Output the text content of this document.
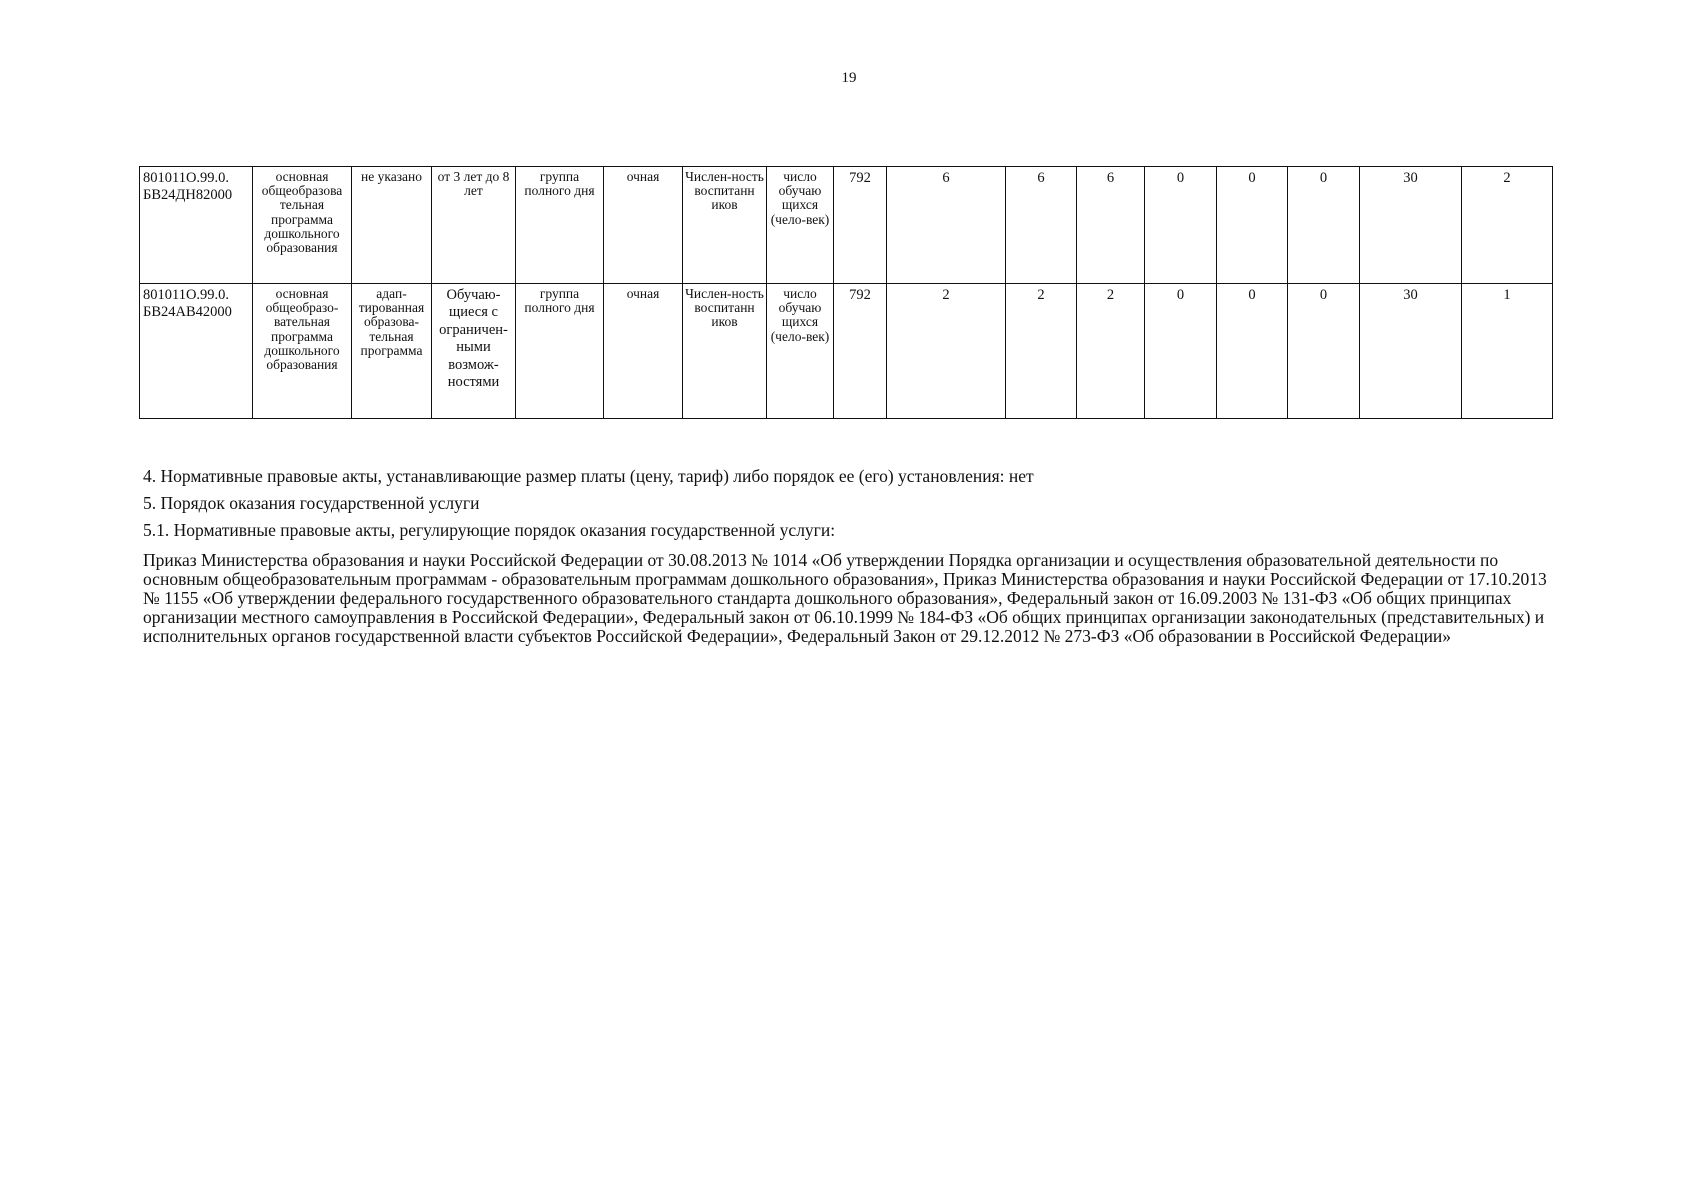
19
801011О.99.0.
БВ24ДН82000	основная общеобразова тельная программа дошкольного образования	не указано	от 3 лет до 8 лет	группа полного дня	очная	Числен-ность воспитанн иков	число обучаю щихся (чело-век)	792	6	6	6	0	0	0	30	2
801011О.99.0.
БВ24АВ42000	основная общеобразо-вательная программа дошкольного образования	адап-тированная образова-тельная программа	Обучаю-щиеся с ограничен-ными возмож-ностями	группа полного дня	очная	Числен-ность воспитанн иков	число обучаю щихся (чело-век)	792	2	2	2	0	0	0	30	1

4. Нормативные правовые акты, устанавливающие размер платы (цену, тариф) либо порядок ее (его) установления: нет

5. Порядок оказания государственной услуги

5.1. Нормативные правовые акты, регулирующие порядок оказания государственной услуги:

Приказ Министерства образования и науки Российской Федерации от 30.08.2013 № 1014 «Об утверждении Порядка организации и осуществления образовательной деятельности по основным общеобразовательным программам - образовательным программам дошкольного образования», Приказ Министерства образования и науки Российской Федерации от 17.10.2013 № 1155 «Об утверждении федерального государственного образовательного стандарта дошкольного образования», Федеральный закон от 16.09.2003 № 131-ФЗ «Об общих принципах организации местного самоуправления в Российской Федерации», Федеральный закон от 06.10.1999 № 184-ФЗ «Об общих принципах организации законодательных (представительных) и исполнительных органов государственной власти субъектов Российской Федерации», Федеральный Закон от 29.12.2012 № 273-ФЗ «Об образовании в Российской Федерации»
